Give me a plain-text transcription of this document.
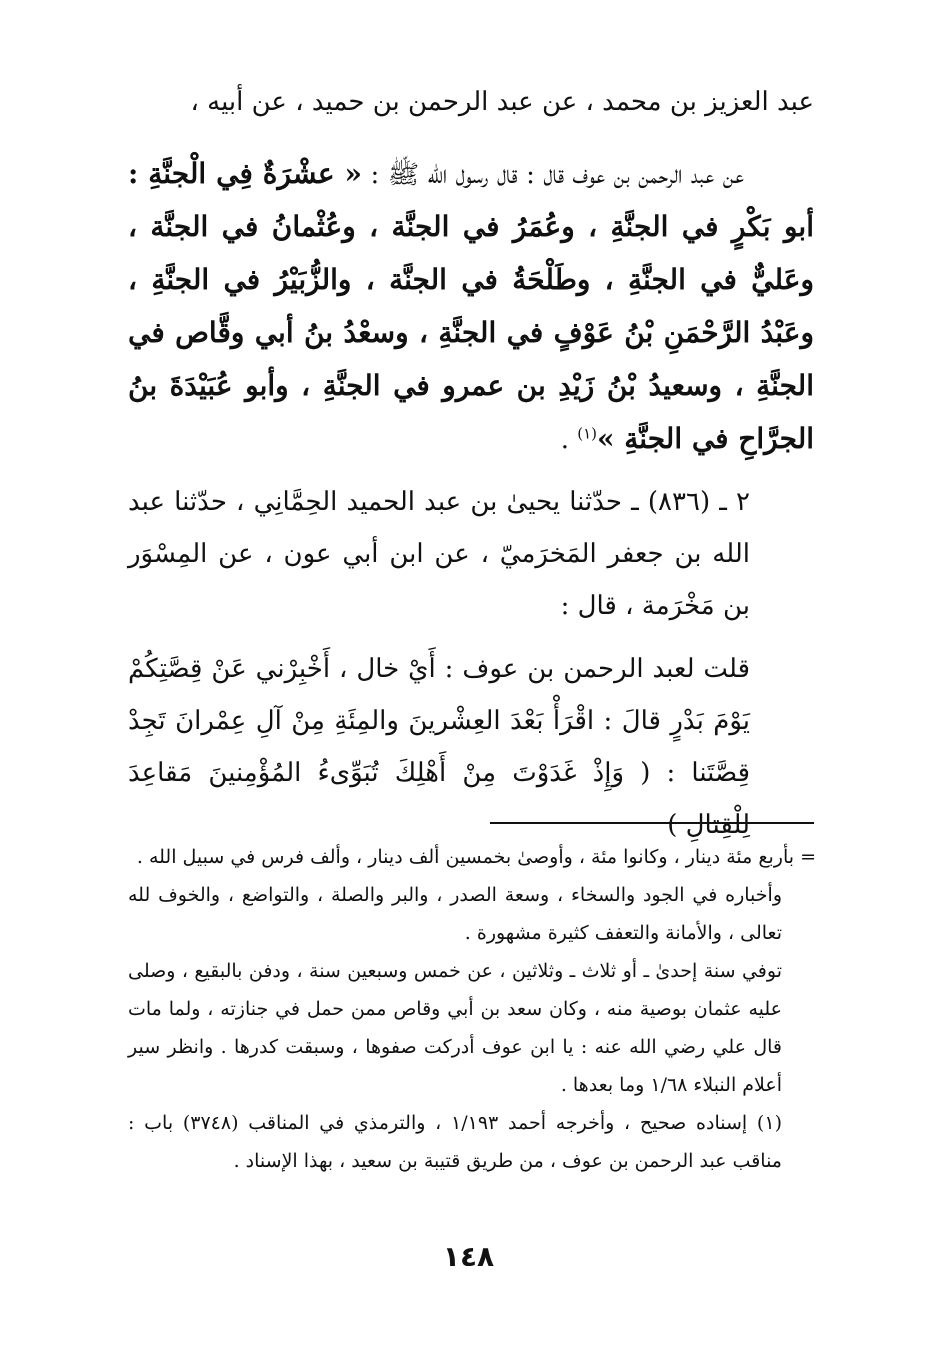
عبد العزيز بن محمد ، عن عبد الرحمن بن حميد ، عن أبيه ،

عن عبد الرحمن بن عوف قال : قال رسول الله ﷺ : « عشْرَةٌ فِي الْجنَّةِ : أبو بَكْرٍ في الجنَّةِ ، وعُمَرُ في الجنَّة ، وعُثْمانُ في الجنَّة ، وعَليٌّ في الجنَّةِ ، وطَلْحَةُ في الجنَّة ، والزُّبَيْرُ في الجنَّةِ ، وعَبْدُ الرَّحْمَنِ بْنُ عَوْفٍ في الجنَّةِ ، وسعْدُ بنُ أبي وقَّاص في الجنَّةِ ، وسعيدُ بْنُ زَيْدِ بن عمرو في الجنَّةِ ، وأبو عُبَيْدَةَ بنُ الجرَّاحِ في الجنَّةِ »$^{(١)}$ .

٢ ـ (٨٣٦) ـ حدّثنا يحيىٰ بن عبد الحميد الحِمَّانِي ، حدّثنا عبد الله بن جعفر المَخرَميّ ، عن ابن أبي عون ، عن المِسْوَر بن مَخْرَمة ، قال :

قلت لعبد الرحمن بن عوف : أَيْ خال ، أَخْبِرْني عَنْ قِصَّتِكُمْ يَوْمَ بَدْرٍ قالَ : اقْرَأْ بَعْدَ العِشْرينَ والمِئَةِ مِنْ آلِ عِمْرانَ تَجِدْ قِصَّتَنا : ( وَإِذْ غَدَوْتَ مِنْ أَهْلِكَ تُبَوِّىءُ المُؤْمِنينَ مَقاعِدَ لِلْقِتالِ )

= بأربع مئة دينار ، وكانوا مئة ، وأوصىٰ بخمسين ألف دينار ، وألف فرس في سبيل الله .

وأخباره في الجود والسخاء ، وسعة الصدر ، والبر والصلة ، والتواضع ، والخوف لله تعالى ، والأمانة والتعفف كثيرة مشهورة .

توفي سنة إحدىٰ ـ أو ثلاث ـ وثلاثين ، عن خمس وسبعين سنة ، ودفن بالبقيع ، وصلى عليه عثمان بوصية منه ، وكان سعد بن أبي وقاص ممن حمل في جنازته ، ولما مات قال علي رضي الله عنه : يا ابن عوف أدركت صفوها ، وسبقت كدرها . وانظر سير أعلام النبلاء ١/٦٨ وما بعدها .

(١) إسناده صحيح ، وأخرجه أحمد ١/١٩٣ ، والترمذي في المناقب (٣٧٤٨) باب : مناقب عبد الرحمن بن عوف ، من طريق قتيبة بن سعيد ، بهذا الإسناد .

١٤٨
